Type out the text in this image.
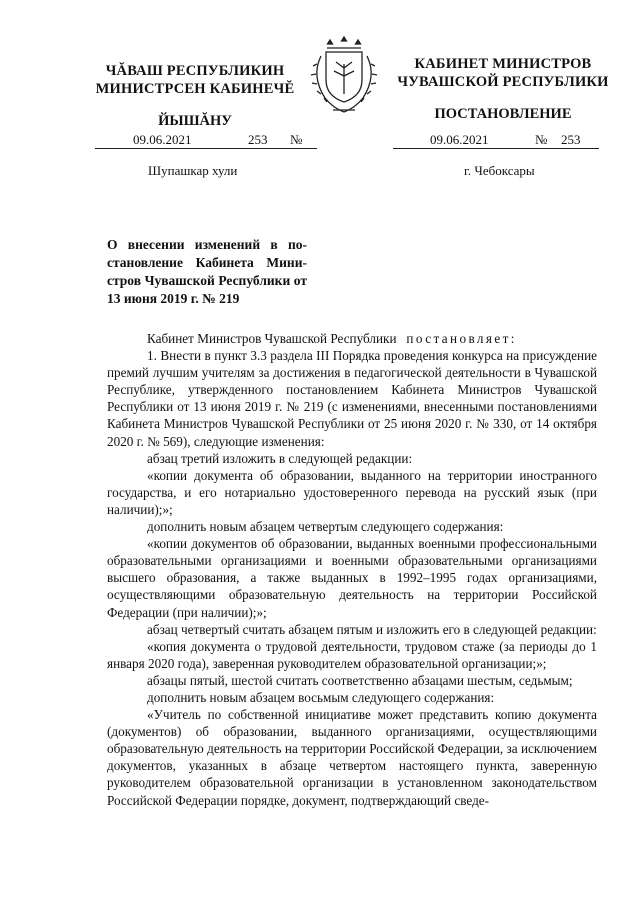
ЧĂВАШ РЕСПУБЛИКИН
МИНИСТРСЕН КАБИНЕЧĔ
ЙЫШĂНУ
КАБИНЕТ МИНИСТРОВ
ЧУВАШСКОЙ РЕСПУБЛИКИ
ПОСТАНОВЛЕНИЕ
09.06.2021	253 №	09.06.2021	№ 253
Шупашкар хули	г. Чебоксары
О внесении изменений в по-становление Кабинета Мини-стров Чувашской Республики от 13 июня 2019 г. № 219

Кабинет Министров Чувашской Республики постановляет:

1. Внести в пункт 3.3 раздела III Порядка проведения конкурса на присуждение премий лучшим учителям за достижения в педагогической деятельности в Чувашской Республике, утвержденного постановлением Кабинета Министров Чувашской Республики от 13 июня 2019 г. № 219 (с изменениями, внесенными постановлениями Кабинета Министров Чувашской Республики от 25 июня 2020 г. № 330, от 14 октября 2020 г. № 569), следующие изменения:

абзац третий изложить в следующей редакции:

«копии документа об образовании, выданного на территории иностранного государства, и его нотариально удостоверенного перевода на русский язык (при наличии);»;

дополнить новым абзацем четвертым следующего содержания:

«копии документов об образовании, выданных военными профессиональными образовательными организациями и военными образовательными организациями высшего образования, а также выданных в 1992–1995 годах организациями, осуществляющими образовательную деятельность на территории Российской Федерации (при наличии);»;

абзац четвертый считать абзацем пятым и изложить его в следующей редакции:

«копия документа о трудовой деятельности, трудовом стаже (за периоды до 1 января 2020 года), заверенная руководителем образовательной организации;»;

абзацы пятый, шестой считать соответственно абзацами шестым, седьмым;

дополнить новым абзацем восьмым следующего содержания:

«Учитель по собственной инициативе может представить копию документа (документов) об образовании, выданного организациями, осуществляющими образовательную деятельность на территории Российской Федерации, за исключением документов, указанных в абзаце четвертом настоящего пункта, заверенную руководителем образовательной организации в установленном законодательством Российской Федерации порядке, документ, подтверждающий сведе-
